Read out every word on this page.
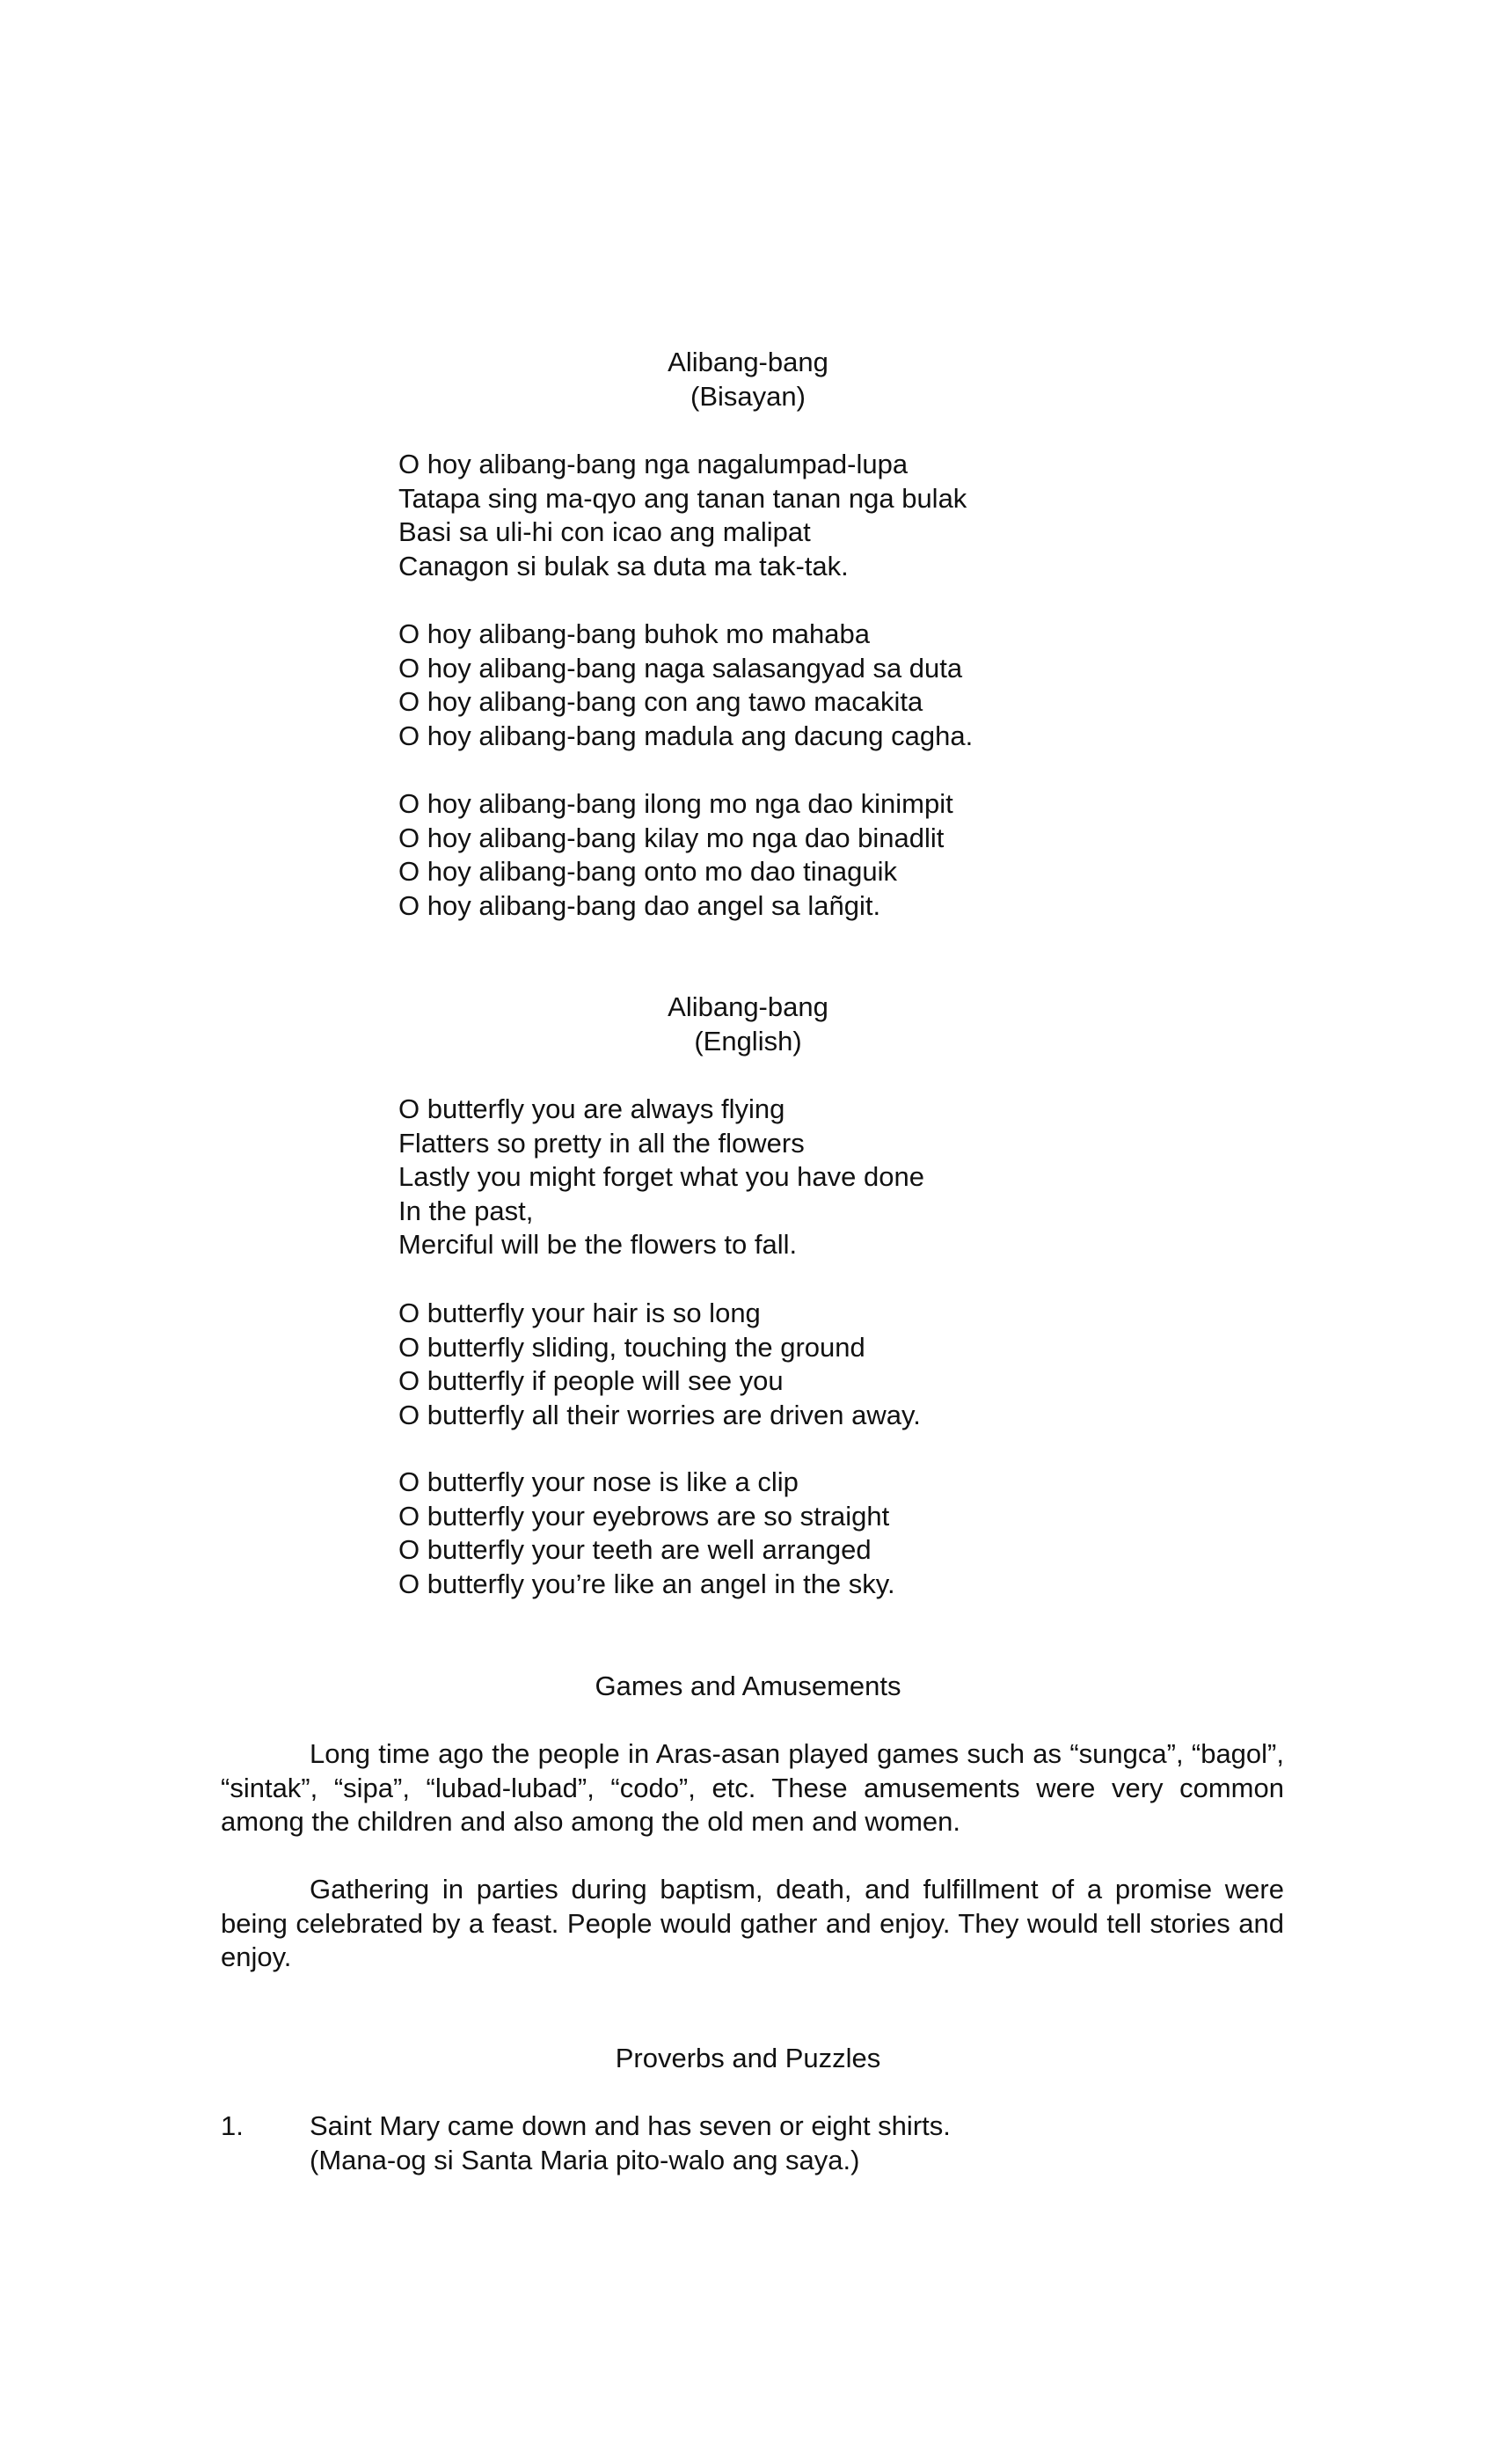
Alibang-bang
(Bisayan)
O hoy alibang-bang nga nagalumpad-lupa
Tatapa sing ma-qyo ang tanan tanan nga bulak
Basi sa uli-hi con icao ang malipat
Canagon si bulak sa duta ma tak-tak.
O hoy alibang-bang buhok mo mahaba
O hoy alibang-bang naga salasangyad sa duta
O hoy alibang-bang con ang tawo macakita
O hoy alibang-bang madula ang dacung cagha.
O hoy alibang-bang ilong mo nga dao kinimpit
O hoy alibang-bang kilay mo nga dao binadlit
O hoy alibang-bang onto mo dao tinaguik
O hoy alibang-bang dao angel sa lañgit.
Alibang-bang
(English)
O butterfly you are always flying
Flatters so pretty in all the flowers
Lastly you might forget what you have done
In the past,
Merciful will be the flowers to fall.
O butterfly your hair is so long
O butterfly sliding, touching the ground
O butterfly if people will see you
O butterfly all their worries are driven away.
O butterfly your nose is like a clip
O butterfly your eyebrows are so straight
O butterfly your teeth are well arranged
O butterfly you’re like an angel in the sky.
Games and Amusements
Long time ago the people in Aras-asan played games such as “sungca”, “bagol”, “sintak”, “sipa”, “lubad-lubad”, “codo”, etc. These amusements were very common among the children and also among the old men and women.
Gathering in parties during baptism, death, and fulfillment of a promise were being celebrated by a feast. People would gather and enjoy. They would tell stories and enjoy.
Proverbs and Puzzles
1. Saint Mary came down and has seven or eight shirts.
(Mana-og si Santa Maria pito-walo ang saya.)
